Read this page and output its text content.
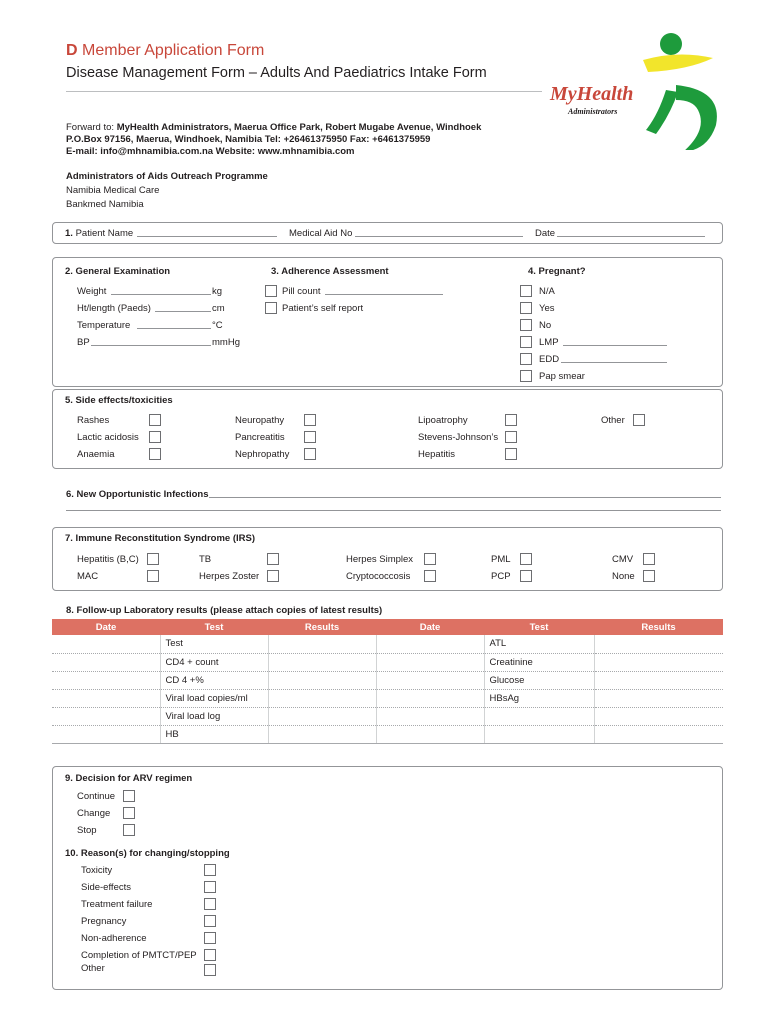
D Member Application Form
Disease Management Form – Adults And Paediatrics Intake Form
MyHealth
Administrators
Forward to: MyHealth Administrators, Maerua Office Park, Robert Mugabe Avenue, Windhoek
P.O.Box 97156, Maerua, Windhoek, Namibia Tel: +26461375950 Fax: +6461375959
E-mail: info@mhnamibia.com.na Website: www.mhnamibia.com
Administrators of Aids Outreach Programme
Namibia Medical Care
Bankmed Namibia
1. Patient Name	Medical Aid No	Date
2. General Examination
Weight	kg
Ht/length (Paeds)	cm
Temperature	°C
BP	mmHg
3. Adherence Assessment
Pill count
Patient’s self report
4. Pregnant?
N/A
Yes
No
LMP
EDD
Pap smear
5. Side effects/toxicities
Rashes
Lactic acidosis
Anaemia
Neuropathy
Pancreatitis
Nephropathy
Lipoatrophy
Stevens-Johnson’s
Hepatitis
Other
6. New Opportunistic Infections
7. Immune Reconstitution Syndrome (IRS)
Hepatitis (B,C)	TB	Herpes Simplex	PML	CMV
MAC	Herpes Zoster	Cryptococcosis	PCP	None
8. Follow-up Laboratory results (please attach copies of latest results)
Date	Test	Results	Date	Test	Results
	Test			ATL	
	CD4 + count			Creatinine	
	CD 4 +%			Glucose	
	Viral load copies/ml			HBsAg	
	Viral load log				
	HB				
9. Decision for ARV regimen
Continue
Change
Stop
10. Reason(s) for changing/stopping
Toxicity
Side-effects
Treatment failure
Pregnancy
Non-adherence
Completion of PMTCT/PEP
Other
